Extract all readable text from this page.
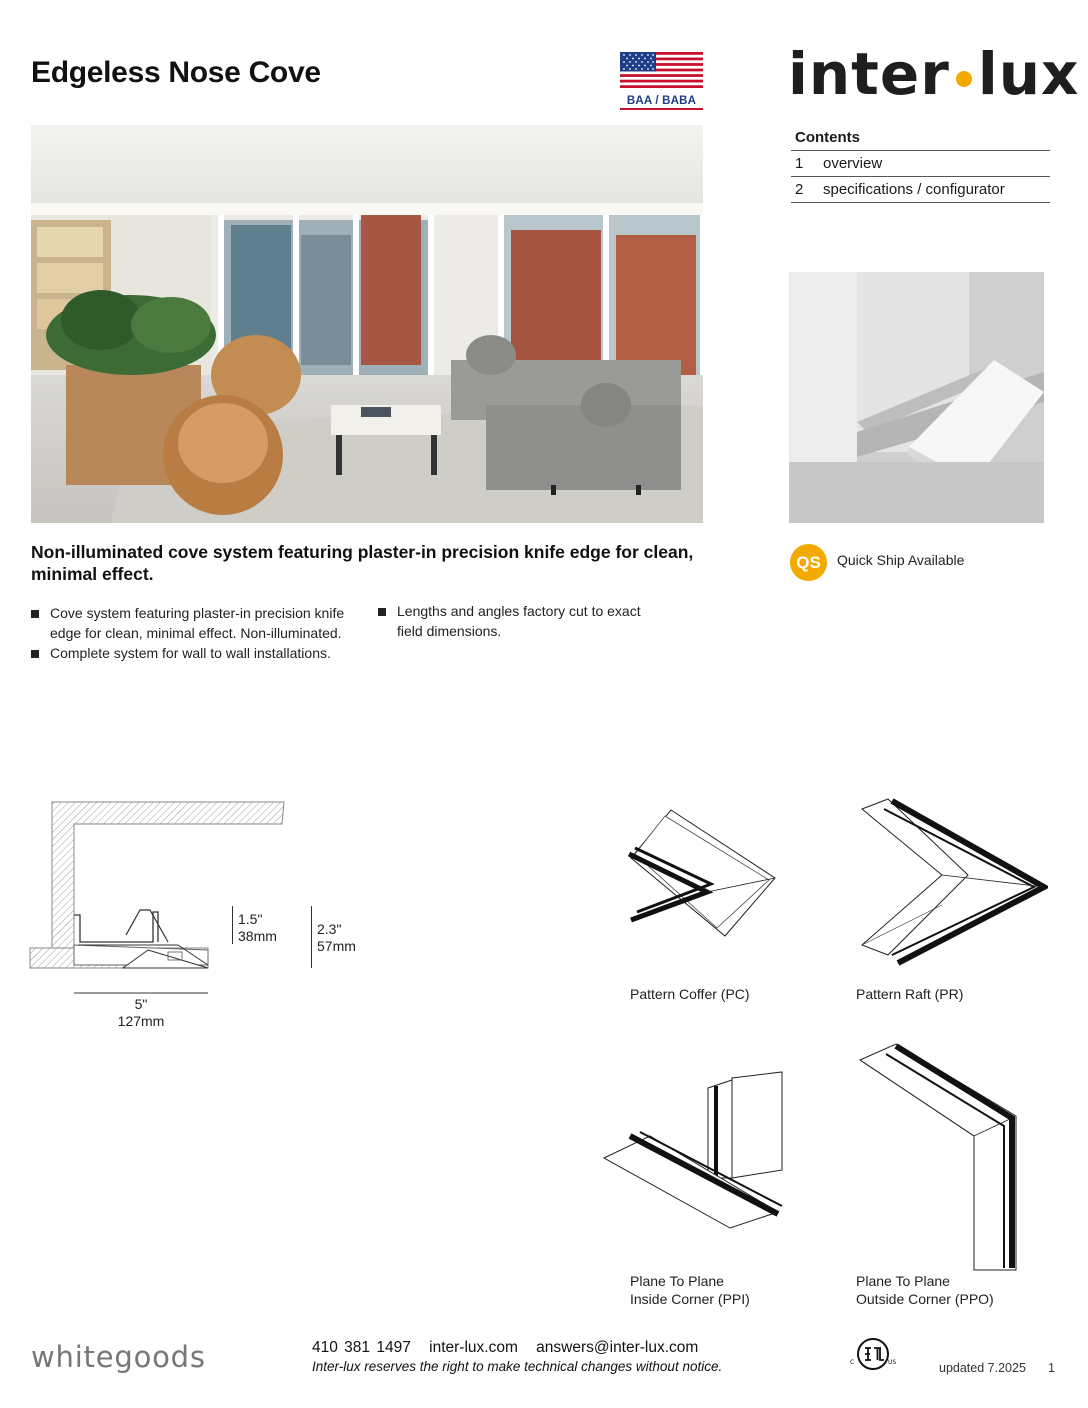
Edgeless Nose Cove
BAA / BABA inter lux
Contents
1	overview
2	specifications / configurator
Non-illuminated cove system featuring plaster-in precision knife edge for clean, minimal effect.
QS	Quick Ship Available
Cove system featuring plaster-in precision knife edge for clean, minimal effect. Non-illuminated.
Complete system for wall to wall installations.
Lengths and angles factory cut to exact field dimensions.
1.5"
38mm	2.3"
57mm
5"
127mm
Pattern Coffer (PC)	Pattern Raft (PR)
Plane To Plane
Inside Corner (PPI)
Plane To Plane
Outside Corner (PPO)
whitegoods	410 381 1497 inter-lux.com answers@inter-lux.com
Inter-lux reserves the right to make technical changes without notice.	C	US	updated 7.2025 1
